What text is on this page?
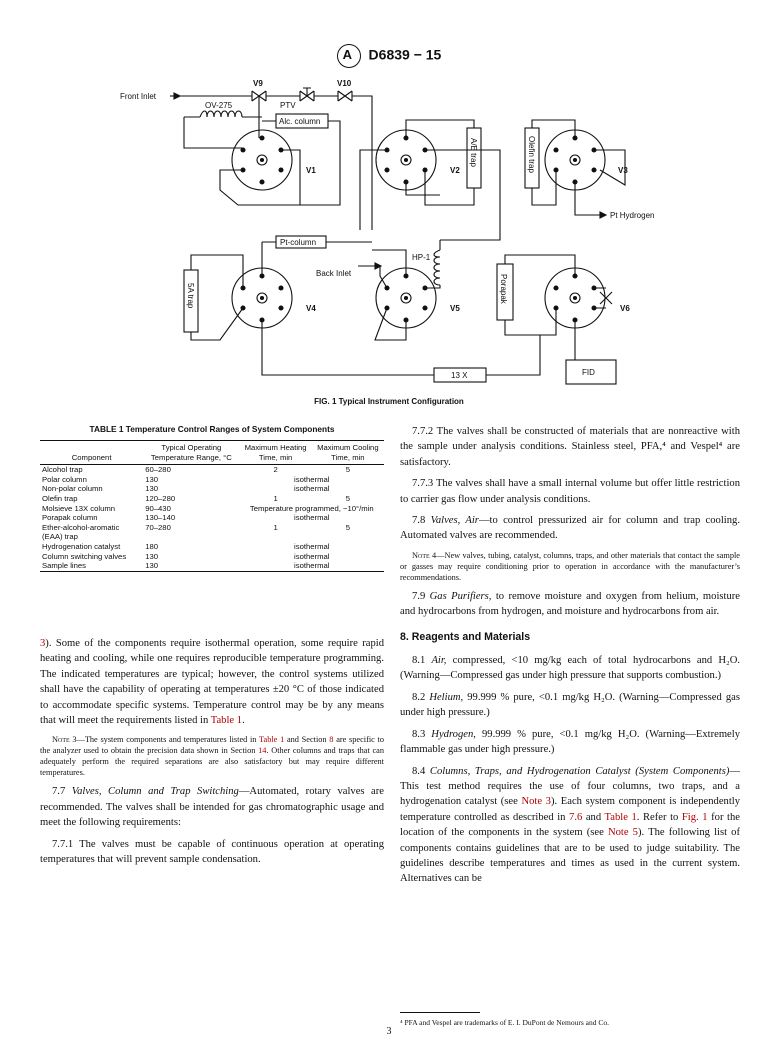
A D6839 − 15
Front Inlet
V9	V10
OV-275	PTV
Alc. column
V1	V2	V3
V4	V5	V6
A/E trap	Olefin trap
Pt Hydrogen
Pt-column
HP-1
Back Inlet
5A trap	Porapak
13 X	FID
FIG. 1 Typical Instrument Configuration
TABLE 1 Temperature Control Ranges of System Components
Component	Typical Operating Temperature Range, °C	Maximum Heating Time, min	Maximum Cooling Time, min
Alcohol trap	60–280	2	5
Polar column	130	isothermal	
Non-polar column	130	isothermal	
Olefin trap	120–280	1	5
Molsieve 13X column	90–430	Temperature programmed, −10°/min	
Porapak column	130–140	isothermal	
Ether-alcohol-aromatic (EAA) trap	70–280	1	5
Hydrogenation catalyst	180	isothermal	
Column switching valves	130	isothermal	
Sample lines	130	isothermal	

3). Some of the components require isothermal operation, some require rapid heating and cooling, while one requires reproducible temperature programming. The indicated temperatures are typical; however, the control systems utilized shall have the capability of operating at temperatures ±20 °C of those indicated to accommodate specific systems. Temperature control may be by any means that will meet the requirements listed in Table 1.

Note 3—The system components and temperatures listed in Table 1 and Section 8 are specific to the analyzer used to obtain the precision data shown in Section 14. Other columns and traps that can adequately perform the required separations are also satisfactory but may require different temperatures.

7.7 Valves, Column and Trap Switching—Automated, rotary valves are recommended. The valves shall be intended for gas chromatographic usage and meet the following requirements:

7.7.1 The valves must be capable of continuous operation at operating temperatures that will prevent sample condensation.

7.7.2 The valves shall be constructed of materials that are nonreactive with the sample under analysis conditions. Stainless steel, PFA,⁴ and Vespel⁴ are satisfactory.

7.7.3 The valves shall have a small internal volume but offer little restriction to carrier gas flow under analysis conditions.

7.8 Valves, Air—to control pressurized air for column and trap cooling. Automated valves are recommended.

Note 4—New valves, tubing, catalyst, columns, traps, and other materials that contact the sample or gasses may require conditioning prior to operation in accordance with the manufacturer’s recommendations.

7.9 Gas Purifiers, to remove moisture and oxygen from helium, moisture and hydrocarbons from hydrogen, and moisture and hydrocarbons from air.

8. Reagents and Materials

8.1 Air, compressed, <10 mg/kg each of total hydrocarbons and H₂O. (Warning—Compressed gas under high pressure that supports combustion.)

8.2 Helium, 99.999 % pure, <0.1 mg/kg H₂O. (Warning—Compressed gas under high pressure.)

8.3 Hydrogen, 99.999 % pure, <0.1 mg/kg H₂O. (Warning—Extremely flammable gas under high pressure.)

8.4 Columns, Traps, and Hydrogenation Catalyst (System Components)—This test method requires the use of four columns, two traps, and a hydrogenation catalyst (see Note 3). Each system component is independently temperature controlled as described in 7.6 and Table 1. Refer to Fig. 1 for the location of the components in the system (see Note 5). The following list of components contains guidelines that are to be used to judge suitability. The guidelines describe temperatures and times as used in the current system. Alternatives can be

⁴ PFA and Vespel are trademarks of E. I. DuPont de Nemours and Co.
3
